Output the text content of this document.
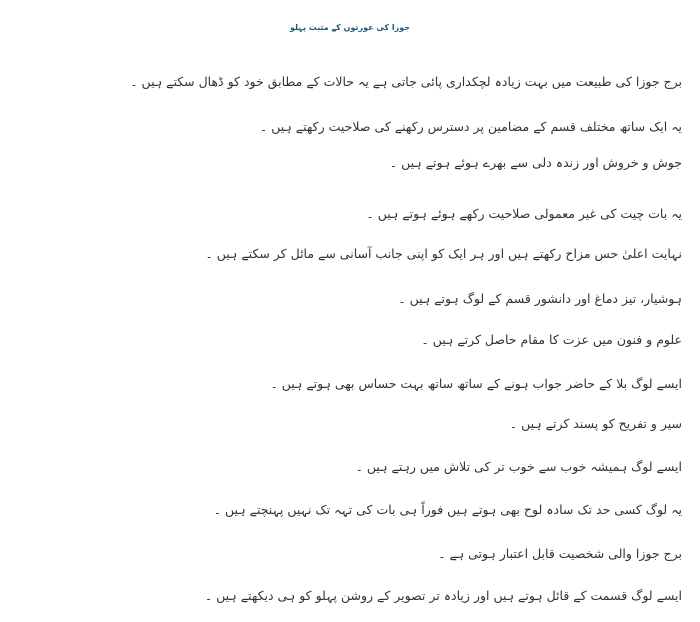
جوزا کی عورتوں کے مثبت پہلو
برج جوزا کی طبیعت میں بہت زیادہ لچکداری پائی جاتی ہے یہ حالات کے مطابق خود کو ڈھال سکتے ہیں ۔
یہ ایک ساتھ مختلف قسم کے مضامین پر دسترس رکھنے کی صلاحیت رکھتے ہیں ۔
جوش و خروش اور زندہ دلی سے بھرے ہوئے ہوتے ہیں ۔
یہ بات چیت کی غیر معمولی صلاحیت رکھے ہوئے ہوتے ہیں ۔
نہایت اعلیٰ حس مزاح رکھتے ہیں اور ہر ایک کو اپنی جانب آسانی سے مائل کر سکتے ہیں ۔
ہوشیار، تیز دماغ اور دانشور قسم کے لوگ ہوتے ہیں ۔
علوم و فنون میں عزت کا مقام حاصل کرتے ہیں ۔
ایسے لوگ بلا کے حاضر جواب ہونے کے ساتھ ساتھ بہت حساس بھی ہوتے ہیں ۔
سیر و تفریح کو پسند کرتے ہیں ۔
ایسے لوگ ہمیشہ خوب سے خوب تر کی تلاش میں رہتے ہیں ۔
یہ لوگ کسی حد تک سادہ لوح بھی ہوتے ہیں فوراً ہی بات کی تہہ تک نہیں پہنچتے ہیں ۔
برج جوزا والی شخصیت قابل اعتبار ہوتی ہے ۔
ایسے لوگ قسمت کے قائل ہوتے ہیں اور زیادہ تر تصویر کے روشن پہلو کو ہی دیکھتے ہیں ۔
